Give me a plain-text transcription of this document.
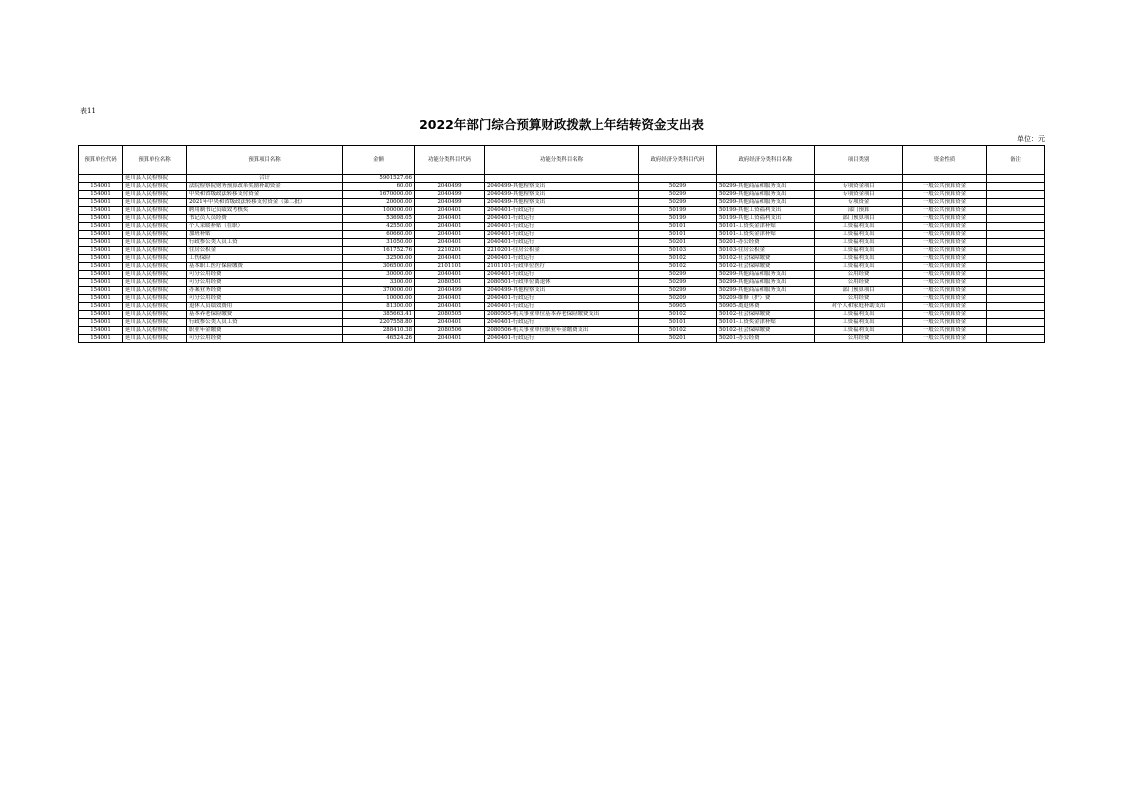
表11
2022年部门综合预算财政拨款上年结转资金支出表
单位：元
预算单位代码	预算单位名称	预算项目名称	金额	功能分类科目代码	功能分类科目名称	政府经济分类科目代码	政府经济分类科目名称	项目类别	资金性质	备注
	延川县人民检察院	合计	5901527.66							
154001	延川县人民检察院	法院检察院财务预算改革奖励补助资金	60.00	2040499	2040499-其他检察支出	50299	50299-其他商品和服务支出	专项资金项目	一般公共预算资金	
154001	延川县人民检察院	中央和省级政法转移支付资金	1670000.00	2040499	2040499-其他检察支出	50299	50299-其他商品和服务支出	专项资金项目	一般公共预算资金	
154001	延川县人民检察院	2021年中央和省级政法转移支付资金（第二批）	20000.00	2040499	2040499-其他检察支出	50299	50299-其他商品和服务支出	专项资金	一般公共预算资金	
154001	延川县人民检察院	聘用制书记员绩效考核奖	100000.00	2040401	2040401-行政运行	50199	50199-其他工资福利支出	部门预算	一般公共预算资金	
154001	延川县人民检察院	书记员人员经费	53698.05	2040401	2040401-行政运行	50199	50199-其他工资福利支出	部门预算项目	一般公共预算资金	
154001	延川县人民检察院	个人采暖补贴（在职）	42550.00	2040401	2040401-行政运行	50101	50101-工资奖金津补贴	工资福利支出	一般公共预算资金	
154001	延川县人民检察院	加班补贴	60660.00	2040401	2040401-行政运行	50101	50101-工资奖金津补贴	工资福利支出	一般公共预算资金	
154001	延川县人民检察院	行政参公类人员工资	31050.00	2040401	2040401-行政运行	50201	50201-办公经费	工资福利支出	一般公共预算资金	
154001	延川县人民检察院	住房公积金	161752.76	2210201	2210201-住房公积金	50103	50103-住房公积金	工资福利支出	一般公共预算资金	
154001	延川县人民检察院	工伤保险	32500.00	2040401	2040401-行政运行	50102	50102-社会保障缴费	工资福利支出	一般公共预算资金	
154001	延川县人民检察院	基本职工医疗保险缴费	306500.00	2101101	2101101-行政单位医疗	50102	50102-社会保障缴费	工资福利支出	一般公共预算资金	
154001	延川县人民检察院	可分公用经费	30000.00	2040401	2040401-行政运行	50299	50299-其他商品和服务支出	公用经费	一般公共预算资金	
154001	延川县人民检察院	可分公用经费	3300.00	2080501	2080501-行政单位离退休	50299	50299-其他商品和服务支出	公用经费	一般公共预算资金	
154001	延川县人民检察院	办案业务经费	370000.00	2040499	2040499-其他检察支出	50299	50299-其他商品和服务支出	部门预算项目	一般公共预算资金	
154001	延川县人民检察院	可分公用经费	10000.00	2040401	2040401-行政运行	50209	50209-维修（护）费	公用经费	一般公共预算资金	
154001	延川县人民检察院	退休人员绩效费用	81300.00	2040401	2040401-行政运行	50905	50905-离退休费	对个人和家庭补助支出	一般公共预算资金	
154001	延川县人民检察院	基本养老保险缴费	385663.41	2080505	2080505-机关事业单位基本养老保险缴费支出	50102	50102-社会保障缴费	工资福利支出	一般公共预算资金	
154001	延川县人民检察院	行政参公类人员工资	2207558.80	2040401	2040401-行政运行	50101	50101-工资奖金津补贴	工资福利支出	一般公共预算资金	
154001	延川县人民检察院	职业年金缴费	288410.38	2080506	2080506-机关事业单位职业年金缴费支出	50102	50102-社会保障缴费	工资福利支出	一般公共预算资金	
154001	延川县人民检察院	可分公用经费	46524.26	2040401	2040401-行政运行	50201	50201-办公经费	公用经费	一般公共预算资金	
